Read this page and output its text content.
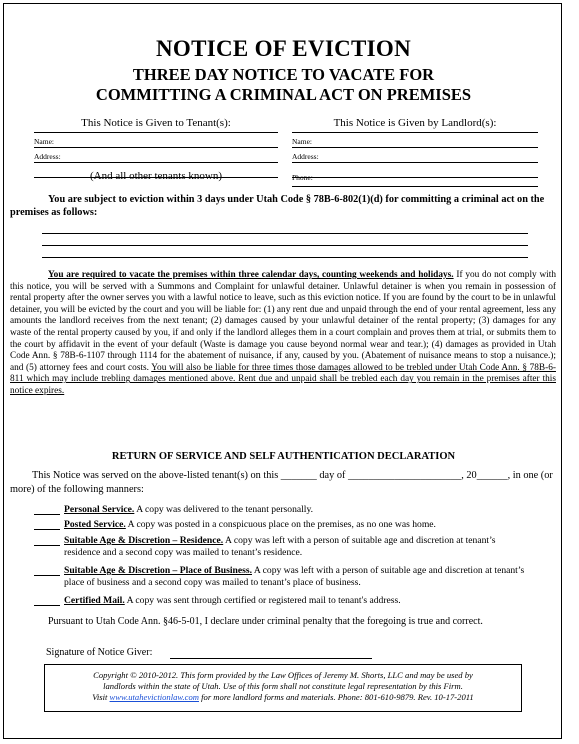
NOTICE OF EVICTION
THREE DAY NOTICE TO VACATE FOR
COMMITTING A CRIMINAL ACT ON PREMISES
This Notice is Given to Tenant(s):
Name:
Address:
(And all other tenants known)
This Notice is Given by Landlord(s):
Name:
Address:
Phone:
You are subject to eviction within 3 days under Utah Code § 78B-6-802(1)(d) for committing a criminal act on the premises as follows:
You are required to vacate the premises within three calendar days, counting weekends and holidays. If you do not comply with this notice, you will be served with a Summons and Complaint for unlawful detainer. Unlawful detainer is when you remain in possession of rental property after the owner serves you with a lawful notice to leave, such as this eviction notice. If you are found by the court to be in unlawful detainer, you will be evicted by the court and you will be liable for: (1) any rent due and unpaid through the end of your rental agreement, less any amounts the landlord receives from the next tenant; (2) damages caused by your unlawful detainer of the rental property; (3) damages for any waste of the rental property caused by you, if and only if the landlord alleges them in a court complain and proves them at trial, or submits them to the court by affidavit in the event of your default (Waste is damage you cause beyond normal wear and tear.); (4) damages as provided in Utah Code Ann. § 78B-6-1107 through 1114 for the abatement of nuisance, if any, caused by you. (Abatement of nuisance means to stop a nuisance.); and (5) attorney fees and court costs. You will also be liable for three times those damages allowed to be trebled under Utah Code Ann. § 78B-6-811 which may include trebling damages mentioned above. Rent due and unpaid shall be trebled each day you remain in the premises after this notice expires.
RETURN OF SERVICE AND SELF AUTHENTICATION DECLARATION
This Notice was served on the above-listed tenant(s) on this _______ day of ______________________, 20______, in one (or more) of the following manners:
Personal Service. A copy was delivered to the tenant personally.
Posted Service. A copy was posted in a conspicuous place on the premises, as no one was home.
Suitable Age & Discretion – Residence. A copy was left with a person of suitable age and discretion at tenant’s residence and a second copy was mailed to tenant’s residence.
Suitable Age & Discretion – Place of Business. A copy was left with a person of suitable age and discretion at tenant’s place of business and a second copy was mailed to tenant’s place of business.
Certified Mail. A copy was sent through certified or registered mail to tenant's address.
Pursuant to Utah Code Ann. §46-5-01, I declare under criminal penalty that the foregoing is true and correct.
Signature of Notice Giver:
Copyright © 2010-2012. This form provided by the Law Offices of Jeremy M. Shorts, LLC and may be used by
landlords within the state of Utah. Use of this form shall not constitute legal representation by this Firm.
Visit www.utahevictionlaw.com for more landlord forms and materials. Phone: 801-610-9879. Rev. 10-17-2011
